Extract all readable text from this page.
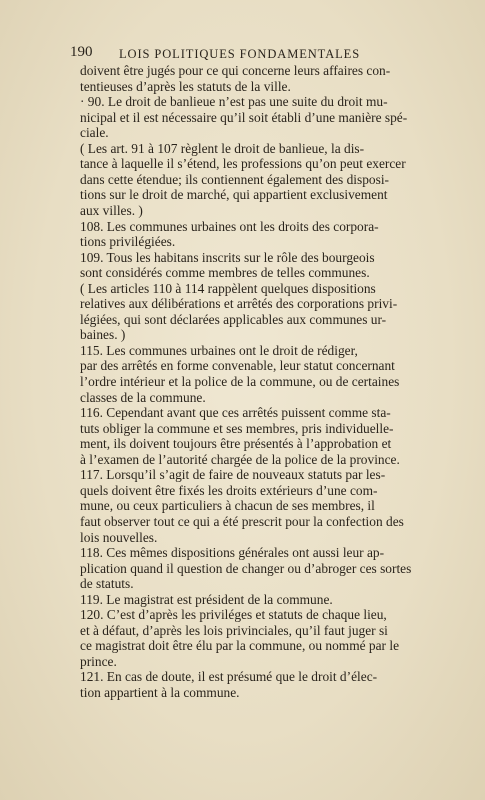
190 LOIS POLITIQUES FONDAMENTALES
doivent être jugés pour ce qui concerne leurs affaires con-
tentieuses d’après les statuts de la ville.
· 90. Le droit de banlieue n’est pas une suite du droit mu-
nicipal et il est nécessaire qu’il soit établi d’une manière spé-
ciale.
( Les art. 91 à 107 règlent le droit de banlieue, la dis-
tance à laquelle il s’étend, les professions qu’on peut exercer
dans cette étendue; ils contiennent également des disposi-
tions sur le droit de marché, qui appartient exclusivement
aux villes. )
108. Les communes urbaines ont les droits des corpora-
tions privilégiées.
109. Tous les habitans inscrits sur le rôle des bourgeois
sont considérés comme membres de telles communes.
( Les articles 110 à 114 rappèlent quelques dispositions
relatives aux délibérations et arrêtés des corporations privi-
légiées, qui sont déclarées applicables aux communes ur-
baines. )
115. Les communes urbaines ont le droit de rédiger,
par des arrêtés en forme convenable, leur statut concernant
l’ordre intérieur et la police de la commune, ou de certaines
classes de la commune.
116. Cependant avant que ces arrêtés puissent comme sta-
tuts obliger la commune et ses membres, pris individuelle-
ment, ils doivent toujours être présentés à l’approbation et
à l’examen de l’autorité chargée de la police de la province.
117. Lorsqu’il s’agit de faire de nouveaux statuts par les-
quels doivent être fixés les droits extérieurs d’une com-
mune, ou ceux particuliers à chacun de ses membres, il
faut observer tout ce qui a été prescrit pour la confection des
lois nouvelles.
118. Ces mêmes dispositions générales ont aussi leur ap-
plication quand il question de changer ou d’abroger ces sortes
de statuts.
119. Le magistrat est président de la commune.
120. C’est d’après les priviléges et statuts de chaque lieu,
et à défaut, d’après les lois privinciales, qu’il faut juger si
ce magistrat doit être élu par la commune, ou nommé par le
prince.
121. En cas de doute, il est présumé que le droit d’élec-
tion appartient à la commune.
